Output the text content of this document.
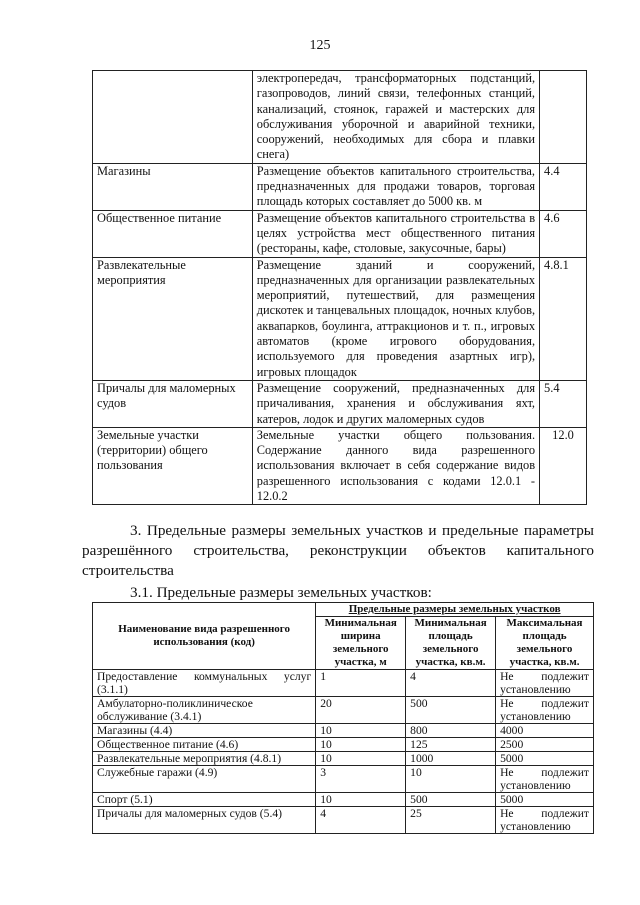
125
	электропередач, трансформаторных подстанций, газопроводов, линий связи, телефонных станций, канализаций, стоянок, гаражей и мастерских для обслуживания уборочной и аварийной техники, сооружений, необходимых для сбора и плавки снега)	
Магазины	Размещение объектов капитального строительства, предназначенных для продажи товаров, торговая площадь которых составляет до 5000 кв. м	4.4
Общественное питание	Размещение объектов капитального строительства в целях устройства мест общественного питания (рестораны, кафе, столовые, закусочные, бары)	4.6
Развлекательные мероприятия	Размещение зданий и сооружений, предназначенных для организации развлекательных мероприятий, путешествий, для размещения дискотек и танцевальных площадок, ночных клубов, аквапарков, боулинга, аттракционов и т. п., игровых автоматов (кроме игрового оборудования, используемого для проведения азартных игр), игровых площадок	4.8.1
Причалы для маломерных судов	Размещение сооружений, предназначенных для причаливания, хранения и обслуживания яхт, катеров, лодок и других маломерных судов	5.4
Земельные участки (территории) общего пользования	Земельные участки общего пользования. Содержание данного вида разрешенного использования включает в себя содержание видов разрешенного использования с кодами 12.0.1 - 12.0.2	12.0
3. Предельные размеры земельных участков и предельные параметры разрешённого строительства, реконструкции объектов капитального строительства
3.1. Предельные размеры земельных участков:
Наименование вида разрешенного использования (код)	Предельные размеры земельных участков		
	Минимальная ширина земельного участка, м	Минимальная площадь земельного участка, кв.м.	Максимальная площадь земельного участка, кв.м.
Предоставление коммунальных услуг (3.1.1)	1	4	Не подлежит установлению
Амбулаторно-поликлиническое обслуживание (3.4.1)	20	500	Не подлежит установлению
Магазины (4.4)	10	800	4000
Общественное питание (4.6)	10	125	2500
Развлекательные мероприятия (4.8.1)	10	1000	5000
Служебные гаражи (4.9)	3	10	Не подлежит установлению
Спорт (5.1)	10	500	5000
Причалы для маломерных судов (5.4)	4	25	Не подлежит установлению
